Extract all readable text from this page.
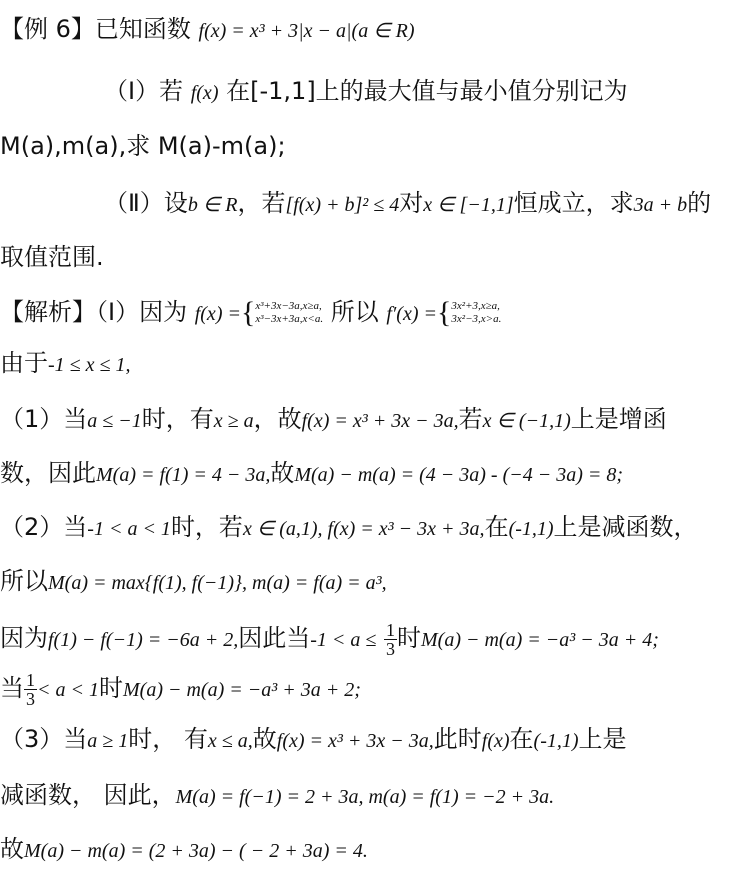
【例 6】已知函数 f(x) = x³ + 3|x − a|(a ∈ R)
（Ⅰ）若 f(x) 在[-1,1]上的最大值与最小值分别记为
M(a),m(a),求 M(a)-m(a);
（Ⅱ）设b ∈ R，若[f(x) + b]² ≤ 4对x ∈ [−1,1]恒成立，求3a + b的
取值范围.
【解析】（Ⅰ）因为 f(x) ={ x³+3x−3a,x≥a,
x³−3x+3a,x<a. 所以 f′(x) ={ 3x²+3,x≥a,
3x²−3,x>a.
由于-1 ≤ x ≤ 1,
（1）当a ≤ −1时，有x ≥ a，故f(x) = x³ + 3x − 3a,若x ∈ (−1,1)上是增函
数，因此M(a) = f(1) = 4 − 3a,故M(a) − m(a) = (4 − 3a) - (−4 − 3a) = 8;
（2）当-1 < a < 1时，若x ∈ (a,1), f(x) = x³ − 3x + 3a,在(-1,1)上是减函数，
所以M(a) = max{f(1), f(−1)}, m(a) = f(a) = a³,
因为f(1) − f(−1) = −6a + 2,因此当$-1 < a \le \frac{1}{3}$ 时M(a) − m(a) = −a³ − 3a + 4;
当 $\frac{1}{3} < a < 1$时M(a) − m(a) = −a³ + 3a + 2;
（3）当a ≥ 1时， 有x ≤ a,故f(x) = x³ + 3x − 3a,此时f(x)在(-1,1)上是
减函数， 因此，M(a) = f(−1) = 2 + 3a, m(a) = f(1) = −2 + 3a.
故M(a) − m(a) = (2 + 3a) − ( − 2 + 3a) = 4.
